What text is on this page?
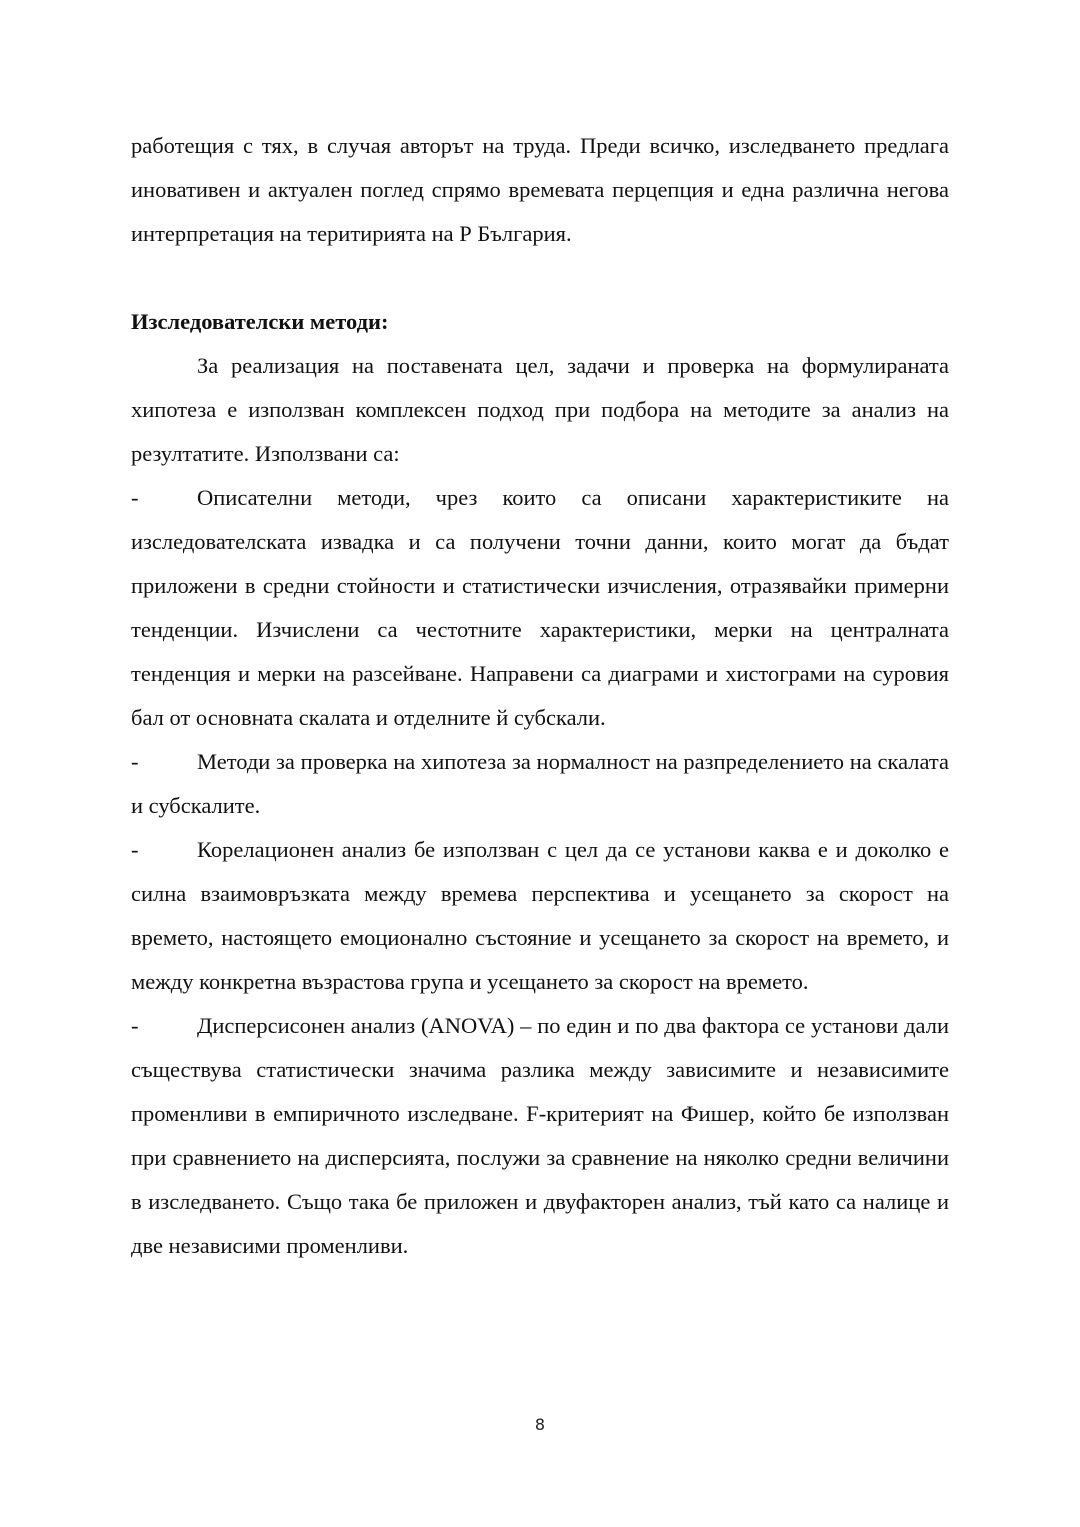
работещия с тях, в случая авторът на труда. Преди всичко, изследването предлага иновативен и актуален поглед спрямо времевата перцепция и една различна негова интерпретация на теритирията на Р България.

Изследователски методи:

За реализация на поставената цел, задачи и проверка на формулираната хипотеза е използван комплексен подход при подбора на методите за анализ на резултатите. Използвани са:

-	Описателни методи, чрез които са описани характеристиките на изследователската извадка и са получени точни данни, които могат да бъдат приложени в средни стойности и статистически изчисления, отразявайки примерни тенденции. Изчислени са честотните характеристики, мерки на централната тенденция и мерки на разсейване. Направени са диаграми и хистограми на суровия бал от основната скалата и отделните й субскали.

-	Методи за проверка на хипотеза за нормалност на разпределението на скалата и субскалите.

-	Корелационен анализ бе използван с цел да се установи каква е и доколко е силна взаимовръзката между времева перспектива и усещането за скорост на времето, настоящето емоционално състояние и усещането за скорост на времето, и между конкретна възрастова група и усещането за скорост на времето.

-	Дисперсисонен анализ (ANOVA) – по един и по два фактора се установи дали съществува статистически значима разлика между зависимите и независимите променливи в емпиричното изследване. F-критерият на Фишер, който бе използван при сравнението на дисперсията, послужи за сравнение на няколко средни величини в изследването. Също така бе приложен и двуфакторен анализ, тъй като са налице и две независими променливи.

8
